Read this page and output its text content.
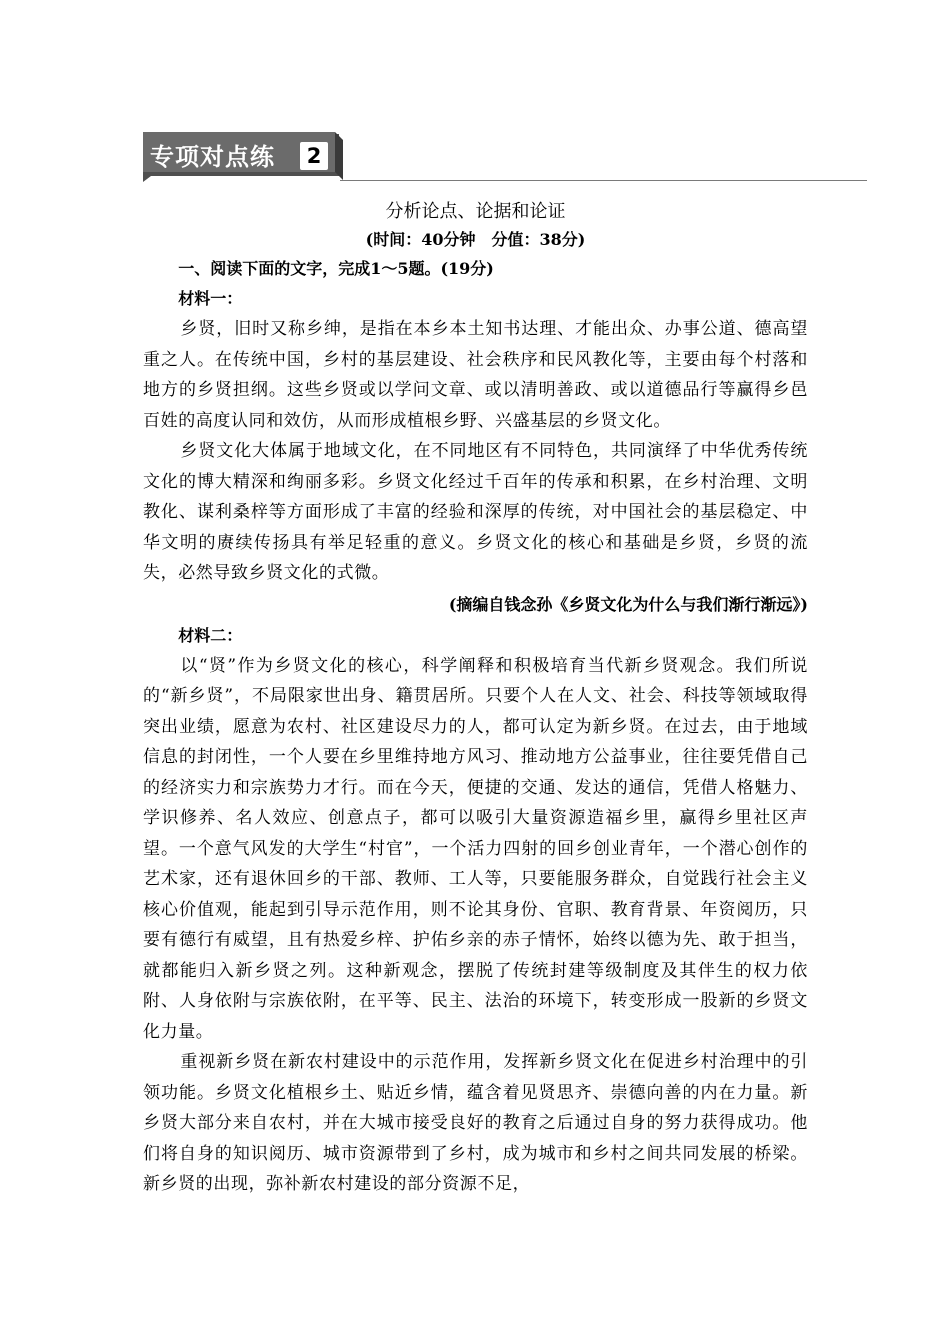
专项对点练	2

分析论点、论据和论证

(时间：40分钟　分值：38分)

一、阅读下面的文字，完成1～5题。(19分)

材料一：

乡贤，旧时又称乡绅，是指在本乡本土知书达理、才能出众、办事公道、德高望重之人。在传统中国，乡村的基层建设、社会秩序和民风教化等，主要由每个村落和地方的乡贤担纲。这些乡贤或以学问文章、或以清明善政、或以道德品行等赢得乡邑百姓的高度认同和效仿，从而形成植根乡野、兴盛基层的乡贤文化。

乡贤文化大体属于地域文化，在不同地区有不同特色，共同演绎了中华优秀传统文化的博大精深和绚丽多彩。乡贤文化经过千百年的传承和积累，在乡村治理、文明教化、谋利桑梓等方面形成了丰富的经验和深厚的传统，对中国社会的基层稳定、中华文明的赓续传扬具有举足轻重的意义。乡贤文化的核心和基础是乡贤，乡贤的流失，必然导致乡贤文化的式微。

(摘编自钱念孙《乡贤文化为什么与我们渐行渐远》)

材料二：

以“贤”作为乡贤文化的核心，科学阐释和积极培育当代新乡贤观念。我们所说的“新乡贤”，不局限家世出身、籍贯居所。只要个人在人文、社会、科技等领域取得突出业绩，愿意为农村、社区建设尽力的人，都可认定为新乡贤。在过去，由于地域信息的封闭性，一个人要在乡里维持地方风习、推动地方公益事业，往往要凭借自己的经济实力和宗族势力才行。而在今天，便捷的交通、发达的通信，凭借人格魅力、学识修养、名人效应、创意点子，都可以吸引大量资源造福乡里，赢得乡里社区声望。一个意气风发的大学生“村官”，一个活力四射的回乡创业青年，一个潜心创作的艺术家，还有退休回乡的干部、教师、工人等，只要能服务群众，自觉践行社会主义核心价值观，能起到引导示范作用，则不论其身份、官职、教育背景、年资阅历，只要有德行有威望，且有热爱乡梓、护佑乡亲的赤子情怀，始终以德为先、敢于担当，就都能归入新乡贤之列。这种新观念，摆脱了传统封建等级制度及其伴生的权力依附、人身依附与宗族依附，在平等、民主、法治的环境下，转变形成一股新的乡贤文化力量。

重视新乡贤在新农村建设中的示范作用，发挥新乡贤文化在促进乡村治理中的引领功能。乡贤文化植根乡土、贴近乡情，蕴含着见贤思齐、崇德向善的内在力量。新乡贤大部分来自农村，并在大城市接受良好的教育之后通过自身的努力获得成功。他们将自身的知识阅历、城市资源带到了乡村，成为城市和乡村之间共同发展的桥梁。新乡贤的出现，弥补新农村建设的部分资源不足，
